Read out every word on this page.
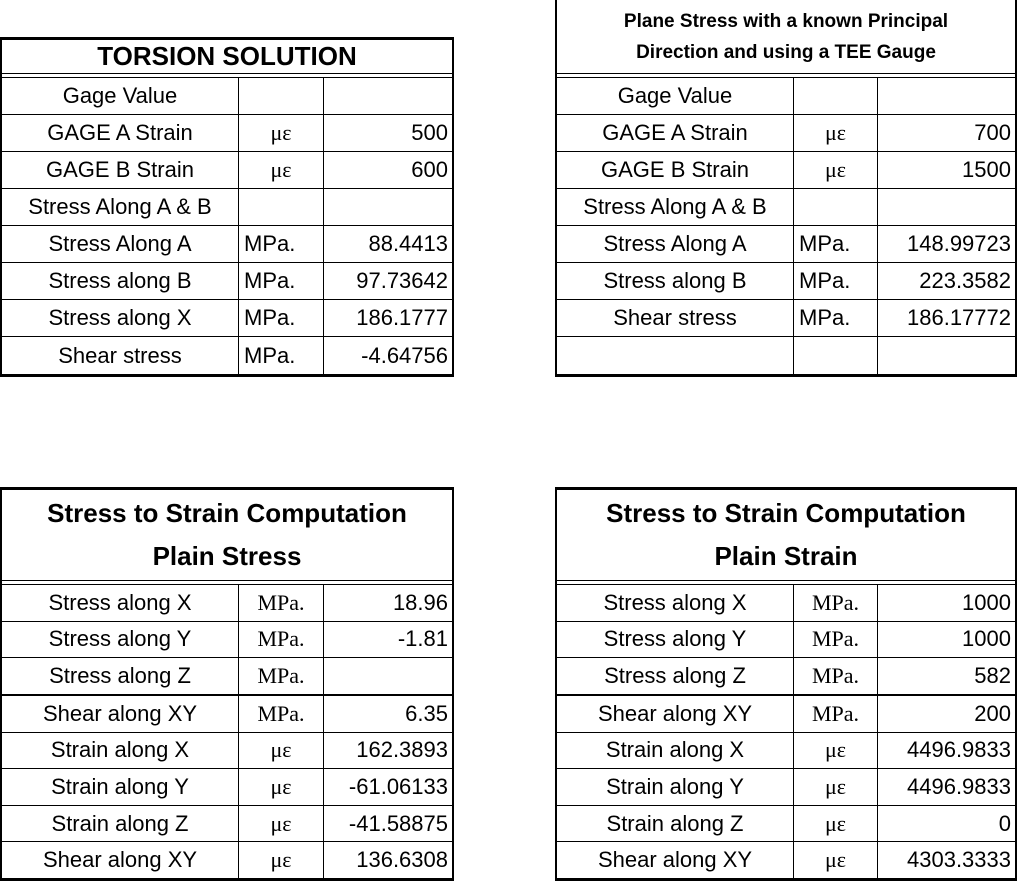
TORSION SOLUTION
Gage Value
GAGE A Strain	με	500
GAGE B Strain	με	600
Stress Along A & B
Stress Along A	MPa.	88.4413
Stress along B	MPa.	97.73642
Stress along X	MPa.	186.1777
Shear stress	MPa.	-4.64756
Plane Stress with a known Principal
Direction and using a TEE Gauge
Gage Value
GAGE A Strain	με	700
GAGE B Strain	με	1500
Stress Along A & B
Stress Along A	MPa.	148.99723
Stress along B	MPa.	223.3582
Shear stress	MPa.	186.17772
Stress to Strain Computation
Plain Stress
Stress along X	MPa.	18.96
Stress along Y	MPa.	-1.81
Stress along Z	MPa.
Shear along XY	MPa.	6.35
Strain along X	με	162.3893
Strain along Y	με	-61.06133
Strain along Z	με	-41.58875
Shear along XY	με	136.6308
Stress to Strain Computation
Plain Strain
Stress along X	MPa.	1000
Stress along Y	MPa.	1000
Stress along Z	MPa.	582
Shear along XY	MPa.	200
Strain along X	με	4496.9833
Strain along Y	με	4496.9833
Strain along Z	με	0
Shear along XY	με	4303.3333
